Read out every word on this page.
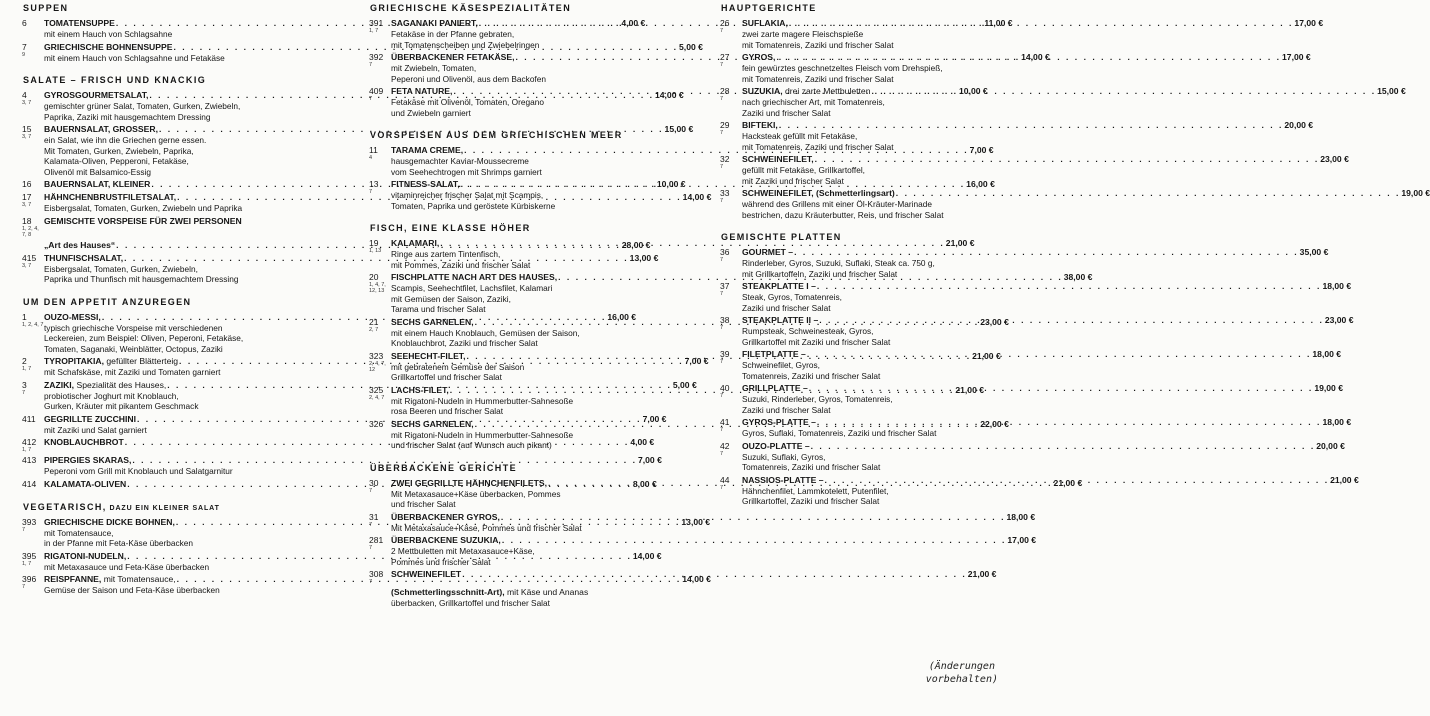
SUPPEN
6	TOMATENSUPPE . . .	4,00 €
mit einem Hauch von Schlagsahne
7
9
GRIECHISCHE BOHNENSUPPE . . .	5,00 €
mit einem Hauch von Schlagsahne und Fetakäse
SALATE – FRISCH UND KNACKIG
4
3, 7
GYROSGOURMETSALAT, . . .	14,00 €
gemischter grüner Salat, Tomaten, Gurken, Zwiebeln,
Paprika, Zaziki mit hausgemachtem Dressing
15
3, 7
BAUERNSALAT, GROSSER, . . .	15,00 €
ein Salat, wie ihn die Griechen gerne essen.
Mit Tomaten, Gurken, Zwiebeln, Paprika,
Kalamata-Oliven, Pepperoni, Fetakäse,
Olivenöl mit Balsamico-Essig
16	BAUERNSALAT, KLEINER . . .	10,00 €
17
3, 7
HÄHNCHENBRUSTFILETSALAT, . . .	14,00 €
Eisbergsalat, Tomaten, Gurken, Zwiebeln und Paprika
18
1, 2, 4, 7, 8
GEMISCHTE VORSPEISE FÜR ZWEI PERSONEN
„Art des Hauses“ . . .	28,00 €
415
3, 7
THUNFISCHSALAT, . . .	13,00 €
Eisbergsalat, Tomaten, Gurken, Zwiebeln,
Paprika und Thunfisch mit hausgemachtem Dressing
UM DEN APPETIT ANZUREGEN
1
1, 2, 4, 7
OUZO-MESSI, . . .	16,00 €
typisch griechische Vorspeise mit verschiedenen
Leckereien, zum Beispiel: Oliven, Peperoni, Fetakäse,
Tomaten, Saganaki, Weinblätter, Octopus, Zaziki
2
1, 7
TYROPITAKIA, gefüllter Blätterteig . . .	7,00 €
mit Schafskäse, mit Zaziki und Tomaten garniert
3
7
ZAZIKI, Spezialität des Hauses, . . .	5,00 €
probiotischer Joghurt mit Knoblauch,
Gurken, Kräuter mit pikantem Geschmack
411 GEGRILLTE ZUCCHINI . . .	7,00 €
mit Zaziki und Salat garniert
412
1, 7
KNOBLAUCHBROT . . .	4,00 €
413 PIPERGIES SKARAS, . . .	7,00 €
Peperoni vom Grill mit Knoblauch und Salatgarnitur
414 KALAMATA-OLIVEN . . .	8,00 €
VEGETARISCH, DAZU EIN KLEINER SALAT
393
7
GRIECHISCHE DICKE BOHNEN, . . .	13,00 €
mit Tomatensauce,
in der Pfanne mit Feta-Käse überbacken
395
1, 7
RIGATONI-NUDELN, . . .	14,00 €
mit Metaxasauce und Feta-Käse überbacken
396
7
REISPFANNE, mit Tomatensauce, . . .	14,00 €
Gemüse der Saison und Feta-Käse überbacken
GRIECHISCHE KÄSESPEZIALITÄTEN
391
1, 7
SAGANAKI PANIERT, . . .	11,00 €
Fetakäse in der Pfanne gebraten,
mit Tomatenscheiben und Zwiebelringen
392
7
ÜBERBACKENER FETAKÄSE, . . .	14,00 €
mit Zwiebeln, Tomaten,
Peperoni und Olivenöl, aus dem Backofen
409
7
FETA NATURE, . . .	10,00 €
Fetakäse mit Olivenöl, Tomaten, Oregano
und Zwiebeln garniert
VORSPEISEN AUS DEM GRIECHISCHEN MEER
11
4
TARAMA CREME, . . .	7,00 €
hausgemachter Kaviar-Moussecreme
vom Seehechtrogen mit Shrimps garniert
13
7
FITNESS-SALAT, . . .	16,00 €
vitaminreicher frischer Salat mit Scampis,
Tomaten, Paprika und geröstete Kürbiskerne
FISCH, EINE KLASSE HÖHER
19
1, 13
KALAMARI, . . .	21,00 €
Ringe aus zartem Tintenfisch,
mit Pommes, Zaziki und frischer Salat
20
1, 4, 7, 12, 13
FISCHPLATTE NACH ART DES HAUSES, . . .	38,00 €
Scampis, Seehechtfilet, Lachsfilet, Kalamari
mit Gemüsen der Saison, Zaziki,
Tarama und frischer Salat
21
2, 7
SECHS GARNELEN, . . .	23,00 €
mit einem Hauch Knoblauch, Gemüsen der Saison,
Knoblauchbrot, Zaziki und frischer Salat
323
2, 4, 7, 12
SEEHECHT-FILET, . . .	21,00 €
mit gebratenem Gemüse der Saison
Grillkartoffel und frischer Salat
325
2, 4, 7
LACHS-FILET, . . .	21,00 €
mit Rigatoni-Nudeln in Hummerbutter-Sahnesoße
rosa Beeren und frischer Salat
326 SECHS GARNELEN, . . .	22,00 €
mit Rigatoni-Nudeln in Hummerbutter-Sahnesoße
und frischer Salat (auf Wunsch auch pikant)
ÜBERBACKENE GERICHTE
30
7
ZWEI GEGRILLTE HÄHNCHENFILETS, . . .	21,00 €
Mit Metaxasauce+Käse überbacken, Pommes
und frischer Salat
31
7
ÜBERBACKENER GYROS, . . .	18,00 €
Mit Metaxasauce+Käse, Pommes und frischer Salat
281
7
ÜBERBACKENE SUZUKIA, . . .	17,00 €
2 Mettbuletten mit Metaxasauce+Käse,
Pommes und frischer Salat
308
7
SCHWEINEFILET . . .	21,00 €
(Schmetterlingsschnitt-Art), mit Käse und Ananas
überbacken, Grillkartoffel und frischer Salat
HAUPTGERICHTE
26
7
SUFLAKIA, . . .	17,00 €
zwei zarte magere Fleischspieße
mit Tomatenreis, Zaziki und frischer Salat
27
7
GYROS, . . .	17,00 €
fein gewürztes geschnetzeltes Fleisch vom Drehspieß,
mit Tomatenreis, Zaziki und frischer Salat
28
7
SUZUKIA, drei zarte Mettbuletten . . .	15,00 €
nach griechischer Art, mit Tomatenreis,
Zaziki und frischer Salat
29
7
BIFTEKI, . . .	20,00 €
Hacksteak gefüllt mit Fetakäse,
mit Tomatenreis, Zaziki und frischer Salat
32
7
SCHWEINEFILET, . . .	23,00 €
gefüllt mit Fetakäse, Grillkartoffel,
mit Zaziki und frischer Salat
33
7
SCHWEINEFILET, (Schmetterlingsart) . . .	19,00 €
während des Grillens mit einer Öl-Kräuter-Marinade
bestrichen, dazu Kräuterbutter, Reis, und frischer Salat
GEMISCHTE PLATTEN
36
7
GOURMET – . . .	35,00 €
Rinderleber, Gyros, Suzuki, Suflaki, Steak ca. 750 g,
mit Grillkartoffeln, Zaziki und frischer Salat
37
7
STEAKPLATTE I – . . .	18,00 €
Steak, Gyros, Tomatenreis,
Zaziki und frischer Salat
38
7
STEAKPLATTE II – . . .	23,00 €
Rumpsteak, Schweinesteak, Gyros,
Grillkartoffel mit Zaziki und frischer Salat
39
7
FILETPLATTE – . . .	18,00 €
Schweinefilet, Gyros,
Tomatenreis, Zaziki und frischer Salat
40
7
GRILLPLATTE – . . .	19,00 €
Suzuki, Rinderleber, Gyros, Tomatenreis,
Zaziki und frischer Salat
41
7
GYROS-PLATTE – . . .	18,00 €
Gyros, Suflaki, Tomatenreis, Zaziki und frischer Salat
42
7
OUZO-PLATTE – . . .	20,00 €
Suzuki, Suflaki, Gyros,
Tomatenreis, Zaziki und frischer Salat
44
7
NASSIOS-PLATTE – . . .	21,00 €
Hähnchenfilet, Lammkotelett, Putenfilet,
Grillkartoffel, Zaziki und frischer Salat
(Änderungen
vorbehalten)
